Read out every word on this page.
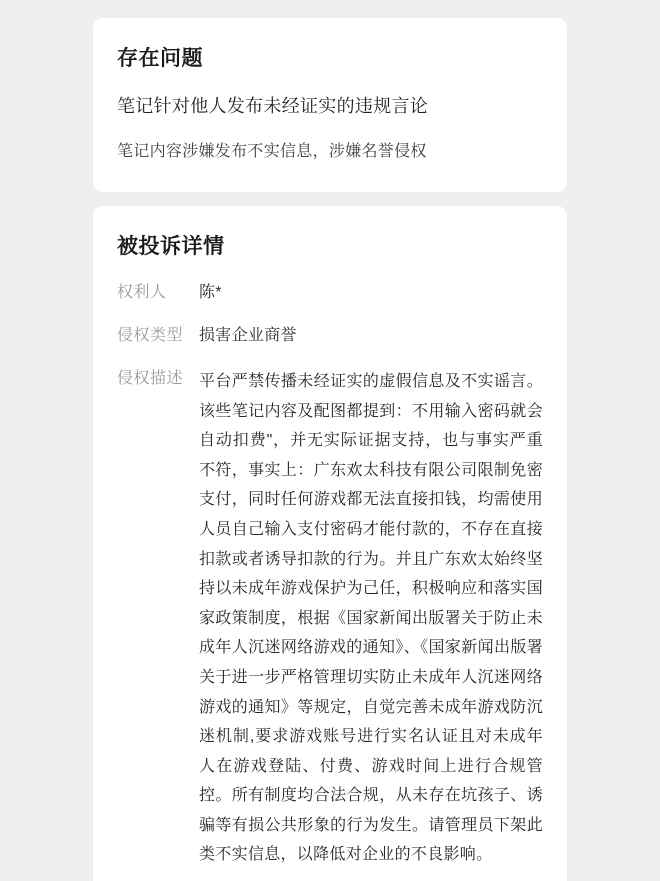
存在问题
笔记针对他人发布未经证实的违规言论
笔记内容涉嫌发布不实信息，涉嫌名誉侵权
被投诉详情
权利人	陈*
侵权类型 损害企业商誉
侵权描述 平台严禁传播未经证实的虚假信息及不实谣言。该些笔记内容及配图都提到：不用输入密码就会自动扣费"，并无实际证据支持，也与事实严重不符，事实上：广东欢太科技有限公司限制免密支付，同时任何游戏都无法直接扣钱，均需使用人员自己输入支付密码才能付款的，不存在直接扣款或者诱导扣款的行为。并且广东欢太始终坚持以未成年游戏保护为己任，积极响应和落实国家政策制度，根据《国家新闻出版署关于防止未成年人沉迷网络游戏的通知》、《国家新闻出版署关于进一步严格管理切实防止未成年人沉迷网络游戏的通知》等规定，自觉完善未成年游戏防沉迷机制,要求游戏账号进行实名认证且对未成年人在游戏登陆、付费、游戏时间上进行合规管控。所有制度均合法合规，从未存在坑孩子、诱骗等有损公共形象的行为发生。请管理员下架此类不实信息，以降低对企业的不良影响。
